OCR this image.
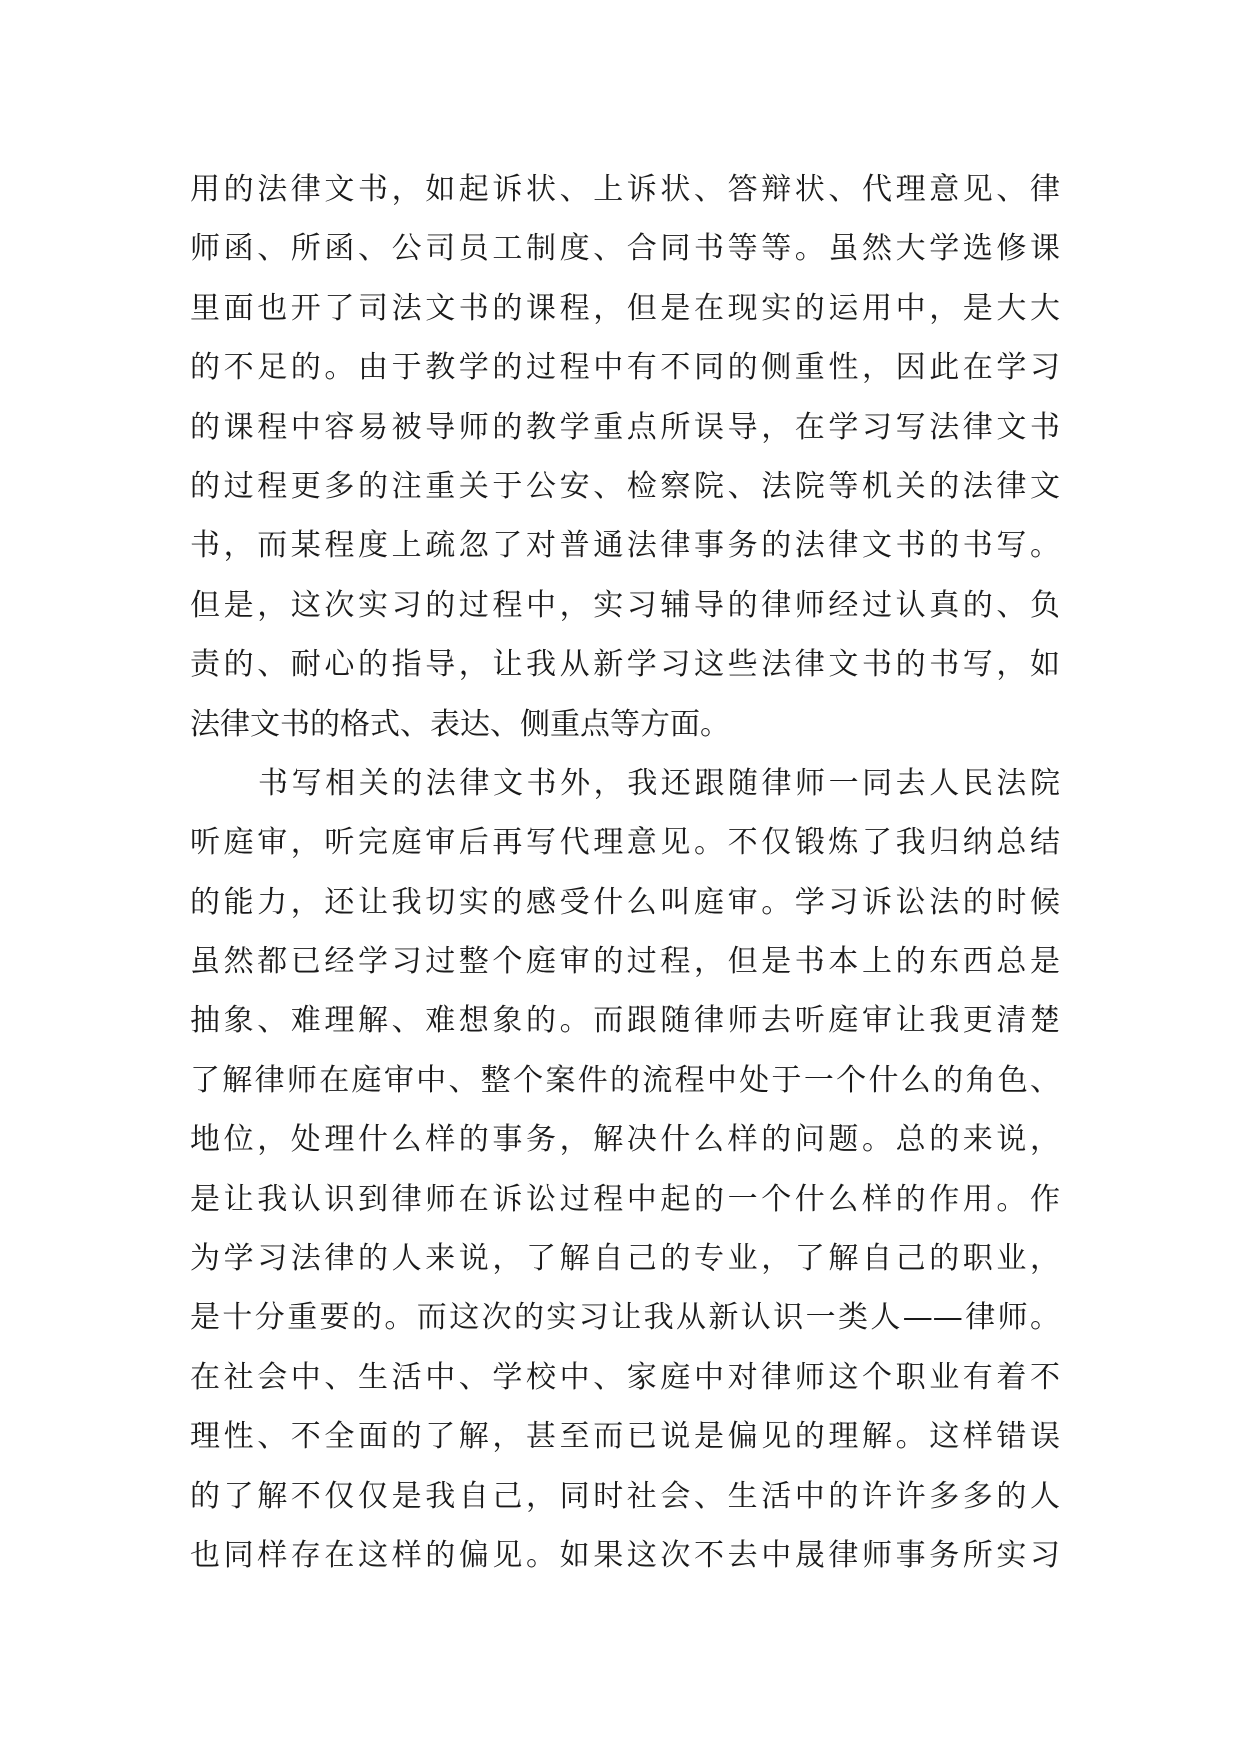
用的法律文书，如起诉状、上诉状、答辩状、代理意见、律
师函、所函、公司员工制度、合同书等等。虽然大学选修课
里面也开了司法文书的课程，但是在现实的运用中，是大大
的不足的。由于教学的过程中有不同的侧重性，因此在学习
的课程中容易被导师的教学重点所误导，在学习写法律文书
的过程更多的注重关于公安、检察院、法院等机关的法律文
书，而某程度上疏忽了对普通法律事务的法律文书的书写。
但是，这次实习的过程中，实习辅导的律师经过认真的、负
责的、耐心的指导，让我从新学习这些法律文书的书写，如
法律文书的格式、表达、侧重点等方面。
书写相关的法律文书外，我还跟随律师一同去人民法院
听庭审，听完庭审后再写代理意见。不仅锻炼了我归纳总结
的能力，还让我切实的感受什么叫庭审。学习诉讼法的时候
虽然都已经学习过整个庭审的过程，但是书本上的东西总是
抽象、难理解、难想象的。而跟随律师去听庭审让我更清楚
了解律师在庭审中、整个案件的流程中处于一个什么的角色、
地位，处理什么样的事务，解决什么样的问题。总的来说，
是让我认识到律师在诉讼过程中起的一个什么样的作用。作
为学习法律的人来说，了解自己的专业，了解自己的职业，
是十分重要的。而这次的实习让我从新认识一类人——律师。
在社会中、生活中、学校中、家庭中对律师这个职业有着不
理性、不全面的了解，甚至而已说是偏见的理解。这样错误
的了解不仅仅是我自己，同时社会、生活中的许许多多的人
也同样存在这样的偏见。如果这次不去中晟律师事务所实习
